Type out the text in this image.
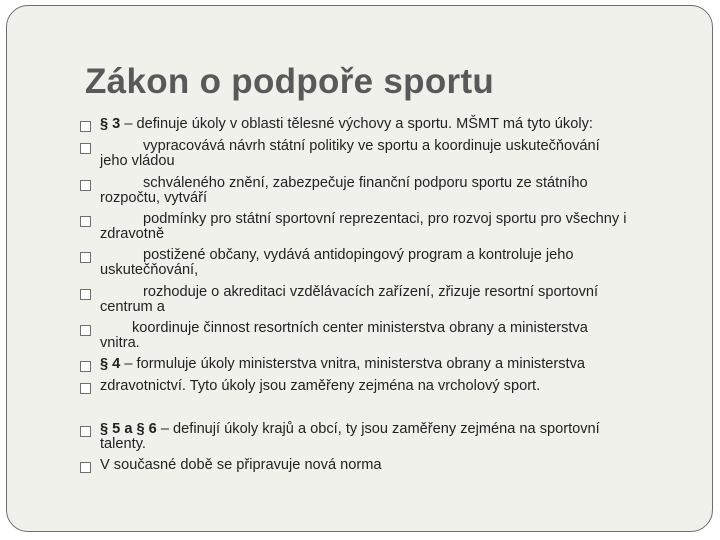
Zákon o podpoře sportu
§ 3 – definuje úkoly v oblasti tělesné výchovy a sportu. MŠMT má tyto úkoly:
vypracovává návrh státní politiky ve sportu a koordinuje uskutečňování
jeho vládou
schváleného znění, zabezpečuje finanční podporu sportu ze státního
rozpočtu, vytváří
podmínky pro státní sportovní reprezentaci, pro rozvoj sportu pro všechny i
zdravotně
postižené občany, vydává antidopingový program a kontroluje jeho
uskutečňování,
rozhoduje o akreditaci vzdělávacích zařízení, zřizuje resortní sportovní
centrum a
koordinuje činnost resortních center ministerstva obrany a ministerstva
vnitra.
§ 4 – formuluje úkoly ministerstva vnitra, ministerstva obrany a ministerstva
zdravotnictví. Tyto úkoly jsou zaměřeny zejména na vrcholový sport.
§ 5 a § 6 – definují úkoly krajů a obcí, ty jsou zaměřeny zejména na sportovní
talenty.
V současné době se připravuje nová norma
